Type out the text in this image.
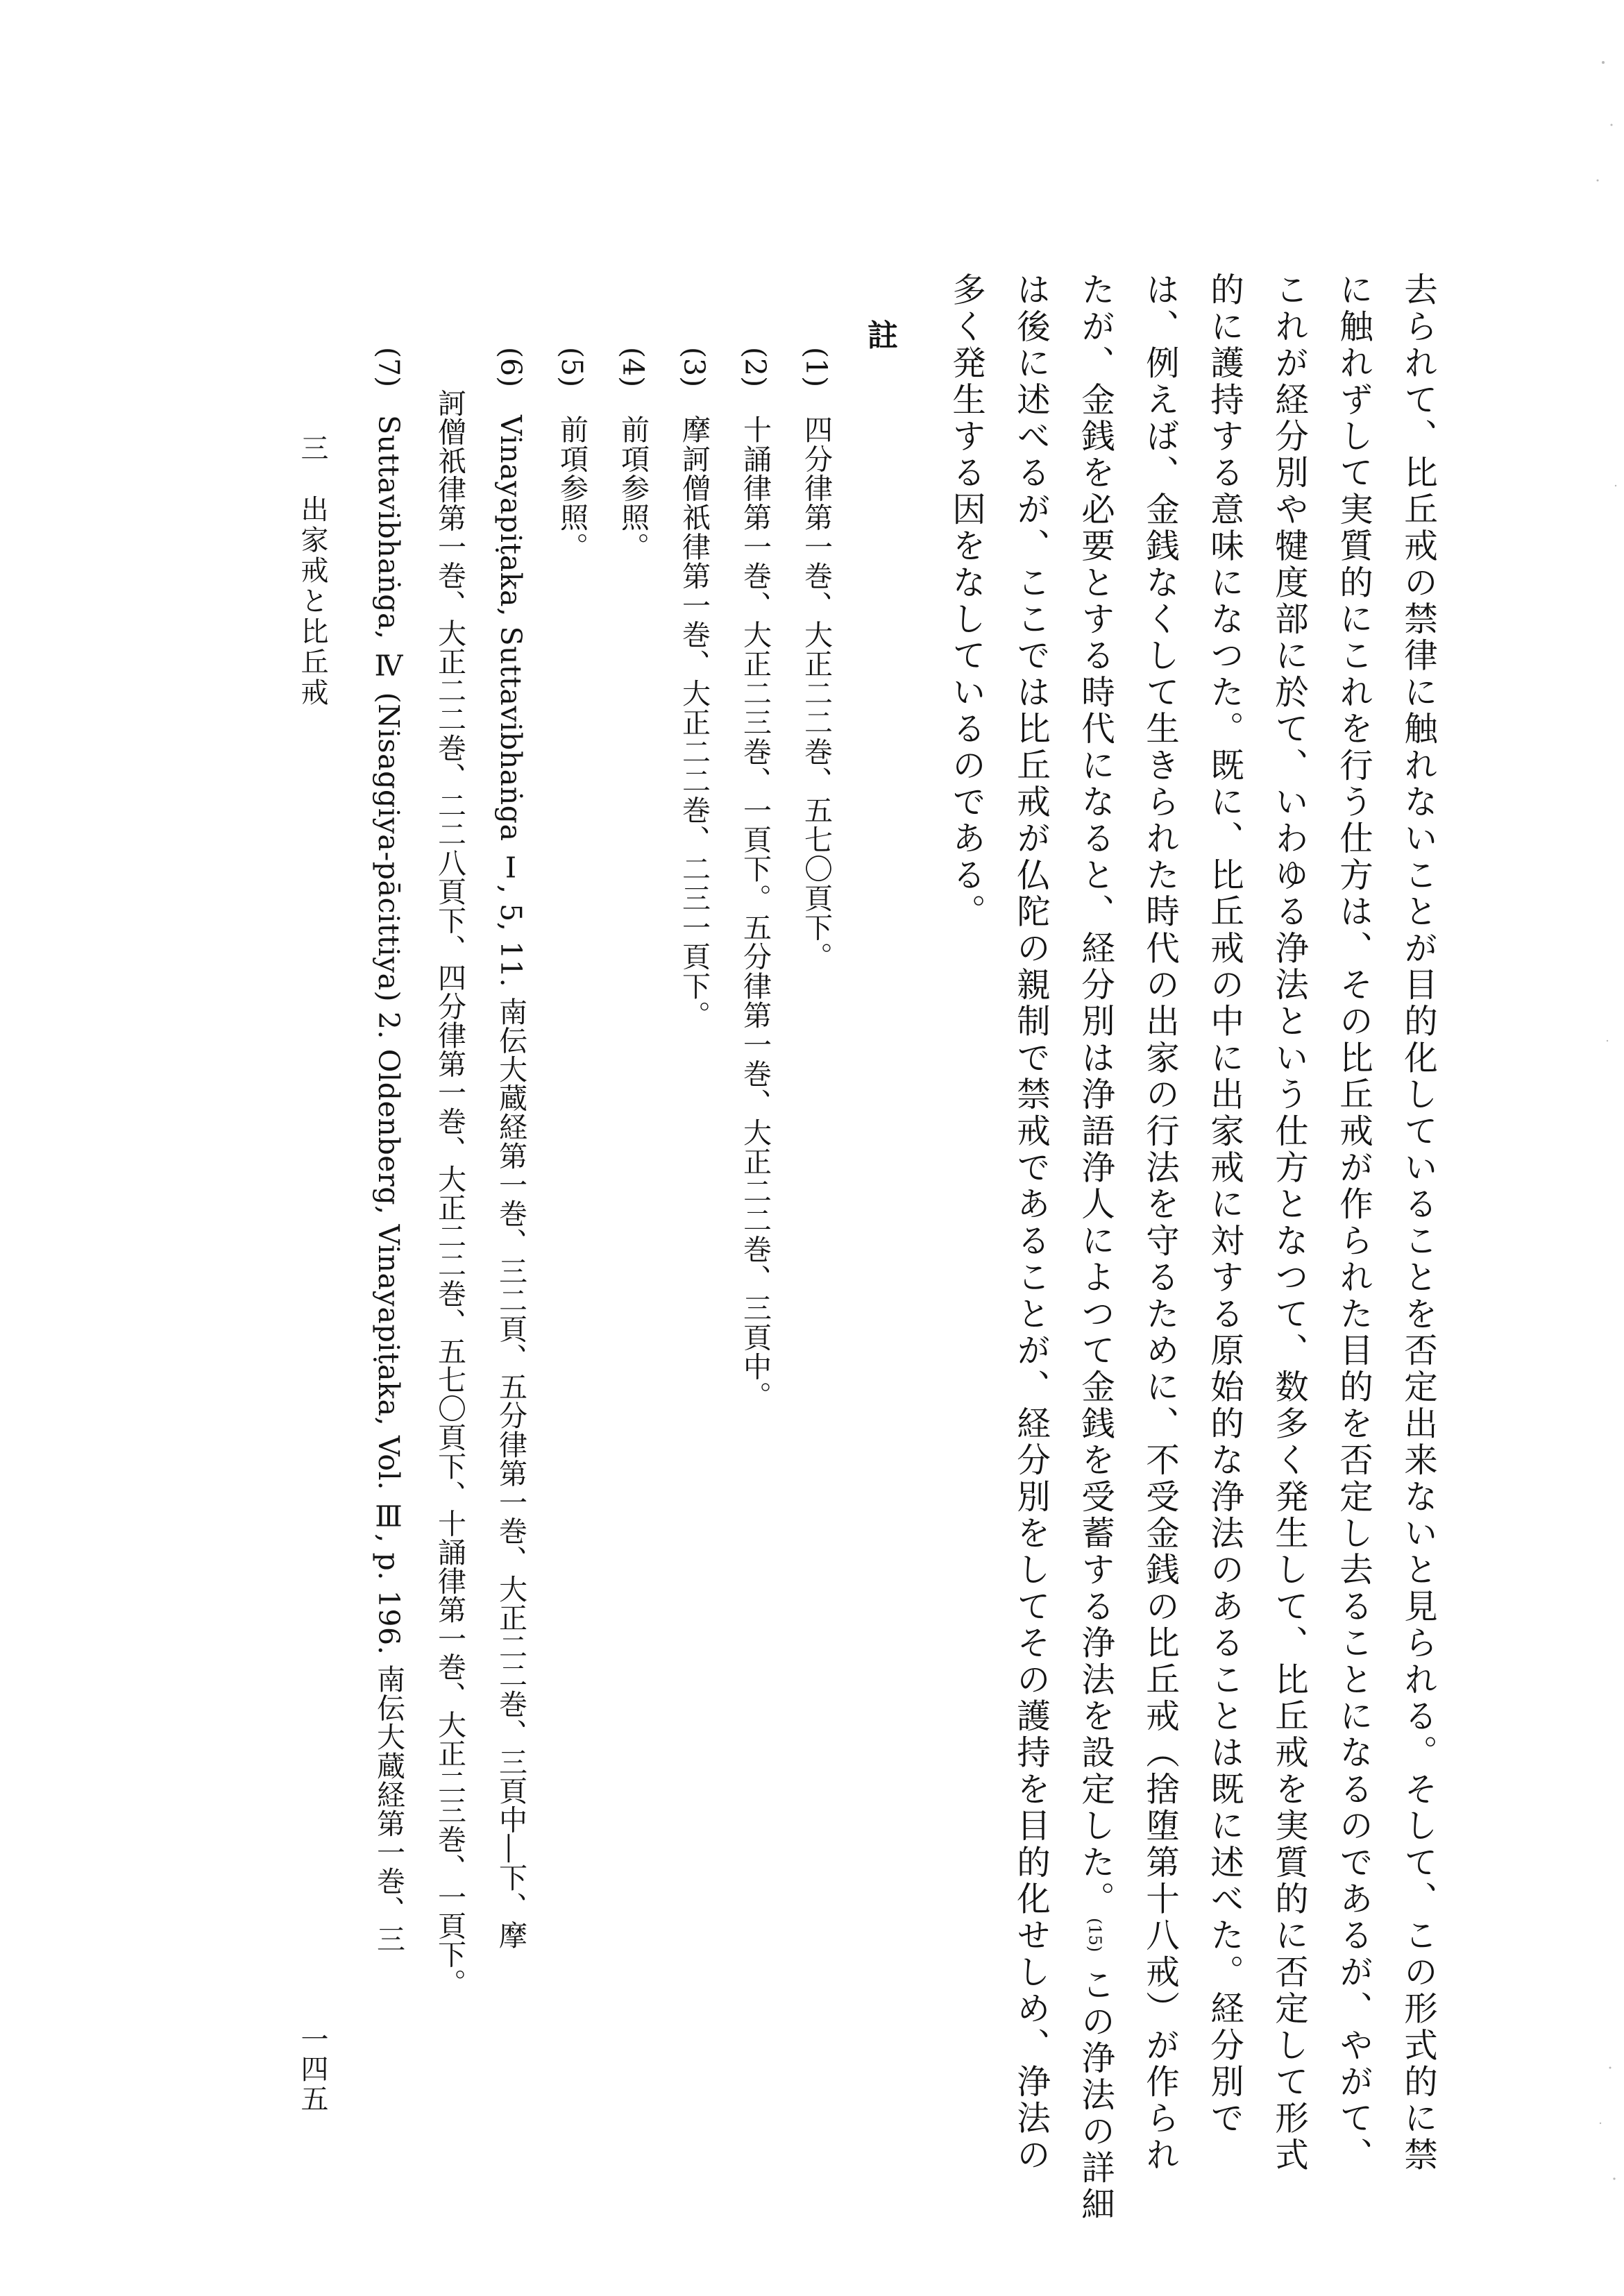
去られて、比丘戒の禁律に触れないことが目的化していることを否定出来ないと見られる。そして、この形式的に禁
に触れずして実質的にこれを行う仕方は、その比丘戒が作られた目的を否定し去ることになるのであるが、やがて、
これが経分別や犍度部に於て、いわゆる浄法という仕方となつて、数多く発生して、比丘戒を実質的に否定して形式
的に護持する意味になつた。既に、比丘戒の中に出家戒に対する原始的な浄法のあることは既に述べた。経分別で
は、例えば、金銭なくして生きられた時代の出家の行法を守るために、不受金銭の比丘戒（捨堕第十八戒）が作られ
たが、金銭を必要とする時代になると、経分別は浄語浄人によつて金銭を受蓄する浄法を設定した。(15)この浄法の詳細
は後に述べるが、ここでは比丘戒が仏陀の親制で禁戒であることが、経分別をしてその護持を目的化せしめ、浄法の
多く発生する因をなしているのである。
註
(1) 四分律第一巻、大正二二巻、五七〇頁下。
(2) 十誦律第一巻、大正二三巻、一頁下。五分律第一巻、大正二二巻、三頁中。
(3) 摩訶僧祇律第一巻、大正二二巻、二三一頁下。
(4) 前項参照。
(5) 前項参照。
(6) Vinayapiṭaka, Suttavibhaṅga Ⅰ, 5, 11. 南伝大蔵経第一巻、三二頁、五分律第一巻、大正二二巻、三頁中―下、摩
訶僧祇律第一巻、大正二二巻、二二八頁下、四分律第一巻、大正二二巻、五七〇頁下、十誦律第一巻、大正二三巻、一頁下。
(7) Suttavibhaṅga, Ⅳ (Nisaggiya-pācittiya) 2. Oldenberg, Vinayapiṭaka, Vol. Ⅲ, p. 196. 南伝大蔵経第一巻、三
三　出家戒と比丘戒
一四五
